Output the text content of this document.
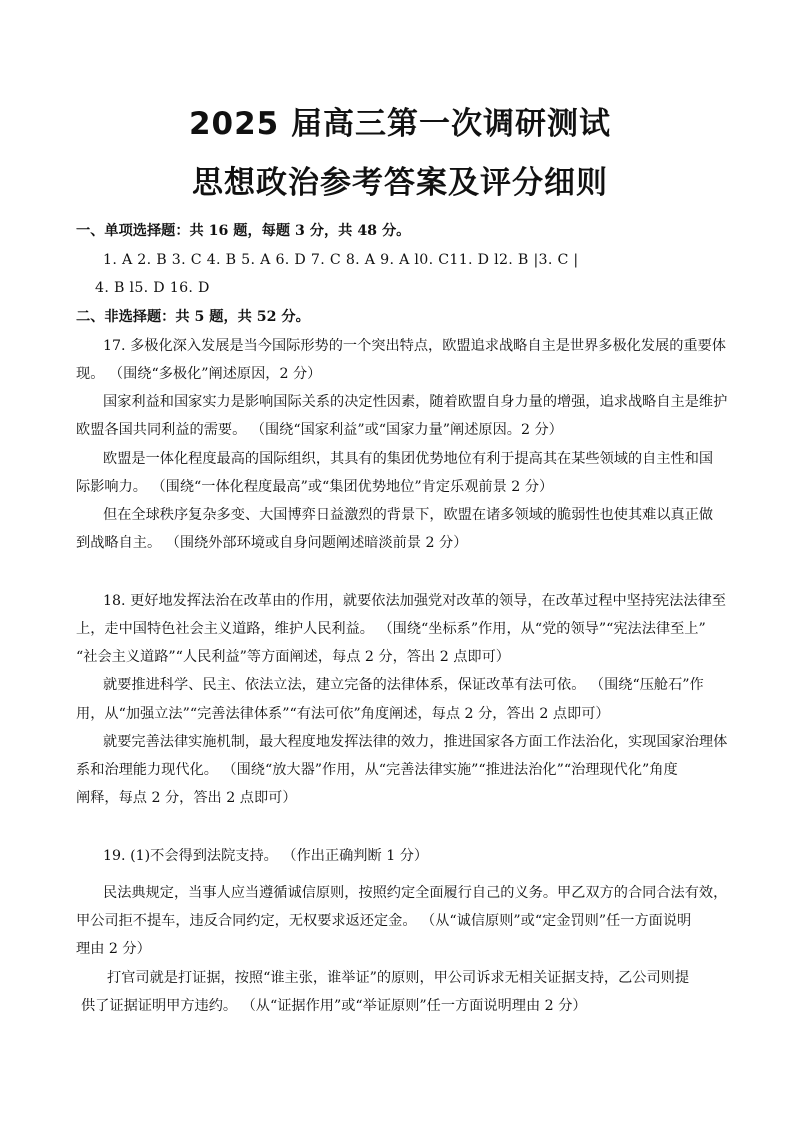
2025 届高三第一次调研测试
思想政治参考答案及评分细则
一、单项选择题：共 16 题，每题 3 分，共 48 分。
1. A 2. B 3. C 4. B 5. A 6. D 7. C 8. A 9. A l0. C11. D l2. B |3. C |
4. B l5. D 16. D
二、非选择题：共 5 题，共 52 分。
17. 多极化深入发展是当今国际形势的一个突出特点，欧盟追求战略自主是世界多极化发展的重要体
现。 （围绕“多极化”阐述原因，2 分）
国家利益和国家实力是影响国际关系的决定性因素，随着欧盟自身力量的增强，追求战略自主是维护
欧盟各国共同利益的需要。 （围绕“国家利益”或“国家力量”阐述原因。2 分）
欧盟是一体化程度最高的国际组织，其具有的集团优势地位有利于提高其在某些领域的自主性和国
际影响力。 （围绕“一体化程度最高”或“集团优势地位”肯定乐观前景 2 分）
但在全球秩序复杂多变、大国博弈日益激烈的背景下，欧盟在诸多领域的脆弱性也使其难以真正做
到战略自主。 （围绕外部环境或自身问题阐述暗淡前景 2 分）
18. 更好地发挥法治在改革由的作用，就要依法加强党对改革的领导，在改革过程中坚持宪法法律至
上，走中国特色社会主义道路，维护人民利益。 （围绕“坐标系”作用，从“党的领导”“宪法法律至上”
“社会主义道路”“人民利益”等方面阐述，每点 2 分，答出 2 点即可）
就要推进科学、民主、依法立法，建立完备的法律体系，保证改革有法可依。 （围绕“压舱石”作
用，从“加强立法”“完善法律体系”“有法可依”角度阐述，每点 2 分，答出 2 点即可）
就要完善法律实施机制，最大程度地发挥法律的效力，推进国家各方面工作法治化，实现国家治理体
系和治理能力现代化。 （围绕“放大器”作用，从“完善法律实施”“推进法治化”“治理现代化”角度
阐释，每点 2 分，答出 2 点即可）
19. (1)不会得到法院支持。 （作出正确判断 1 分）
民法典规定，当事人应当遵循诚信原则，按照约定全面履行自己的义务。甲乙双方的合同合法有效，
甲公司拒不提车，违反合同约定，无权要求返还定金。 （从“诚信原则”或“定金罚则”任一方面说明
理由 2 分）
打官司就是打证据，按照“谁主张，谁举证”的原则，甲公司诉求无相关证据支持，乙公司则提
供了证据证明甲方违约。 （从“证据作用”或“举证原则”任一方面说明理由 2 分）
